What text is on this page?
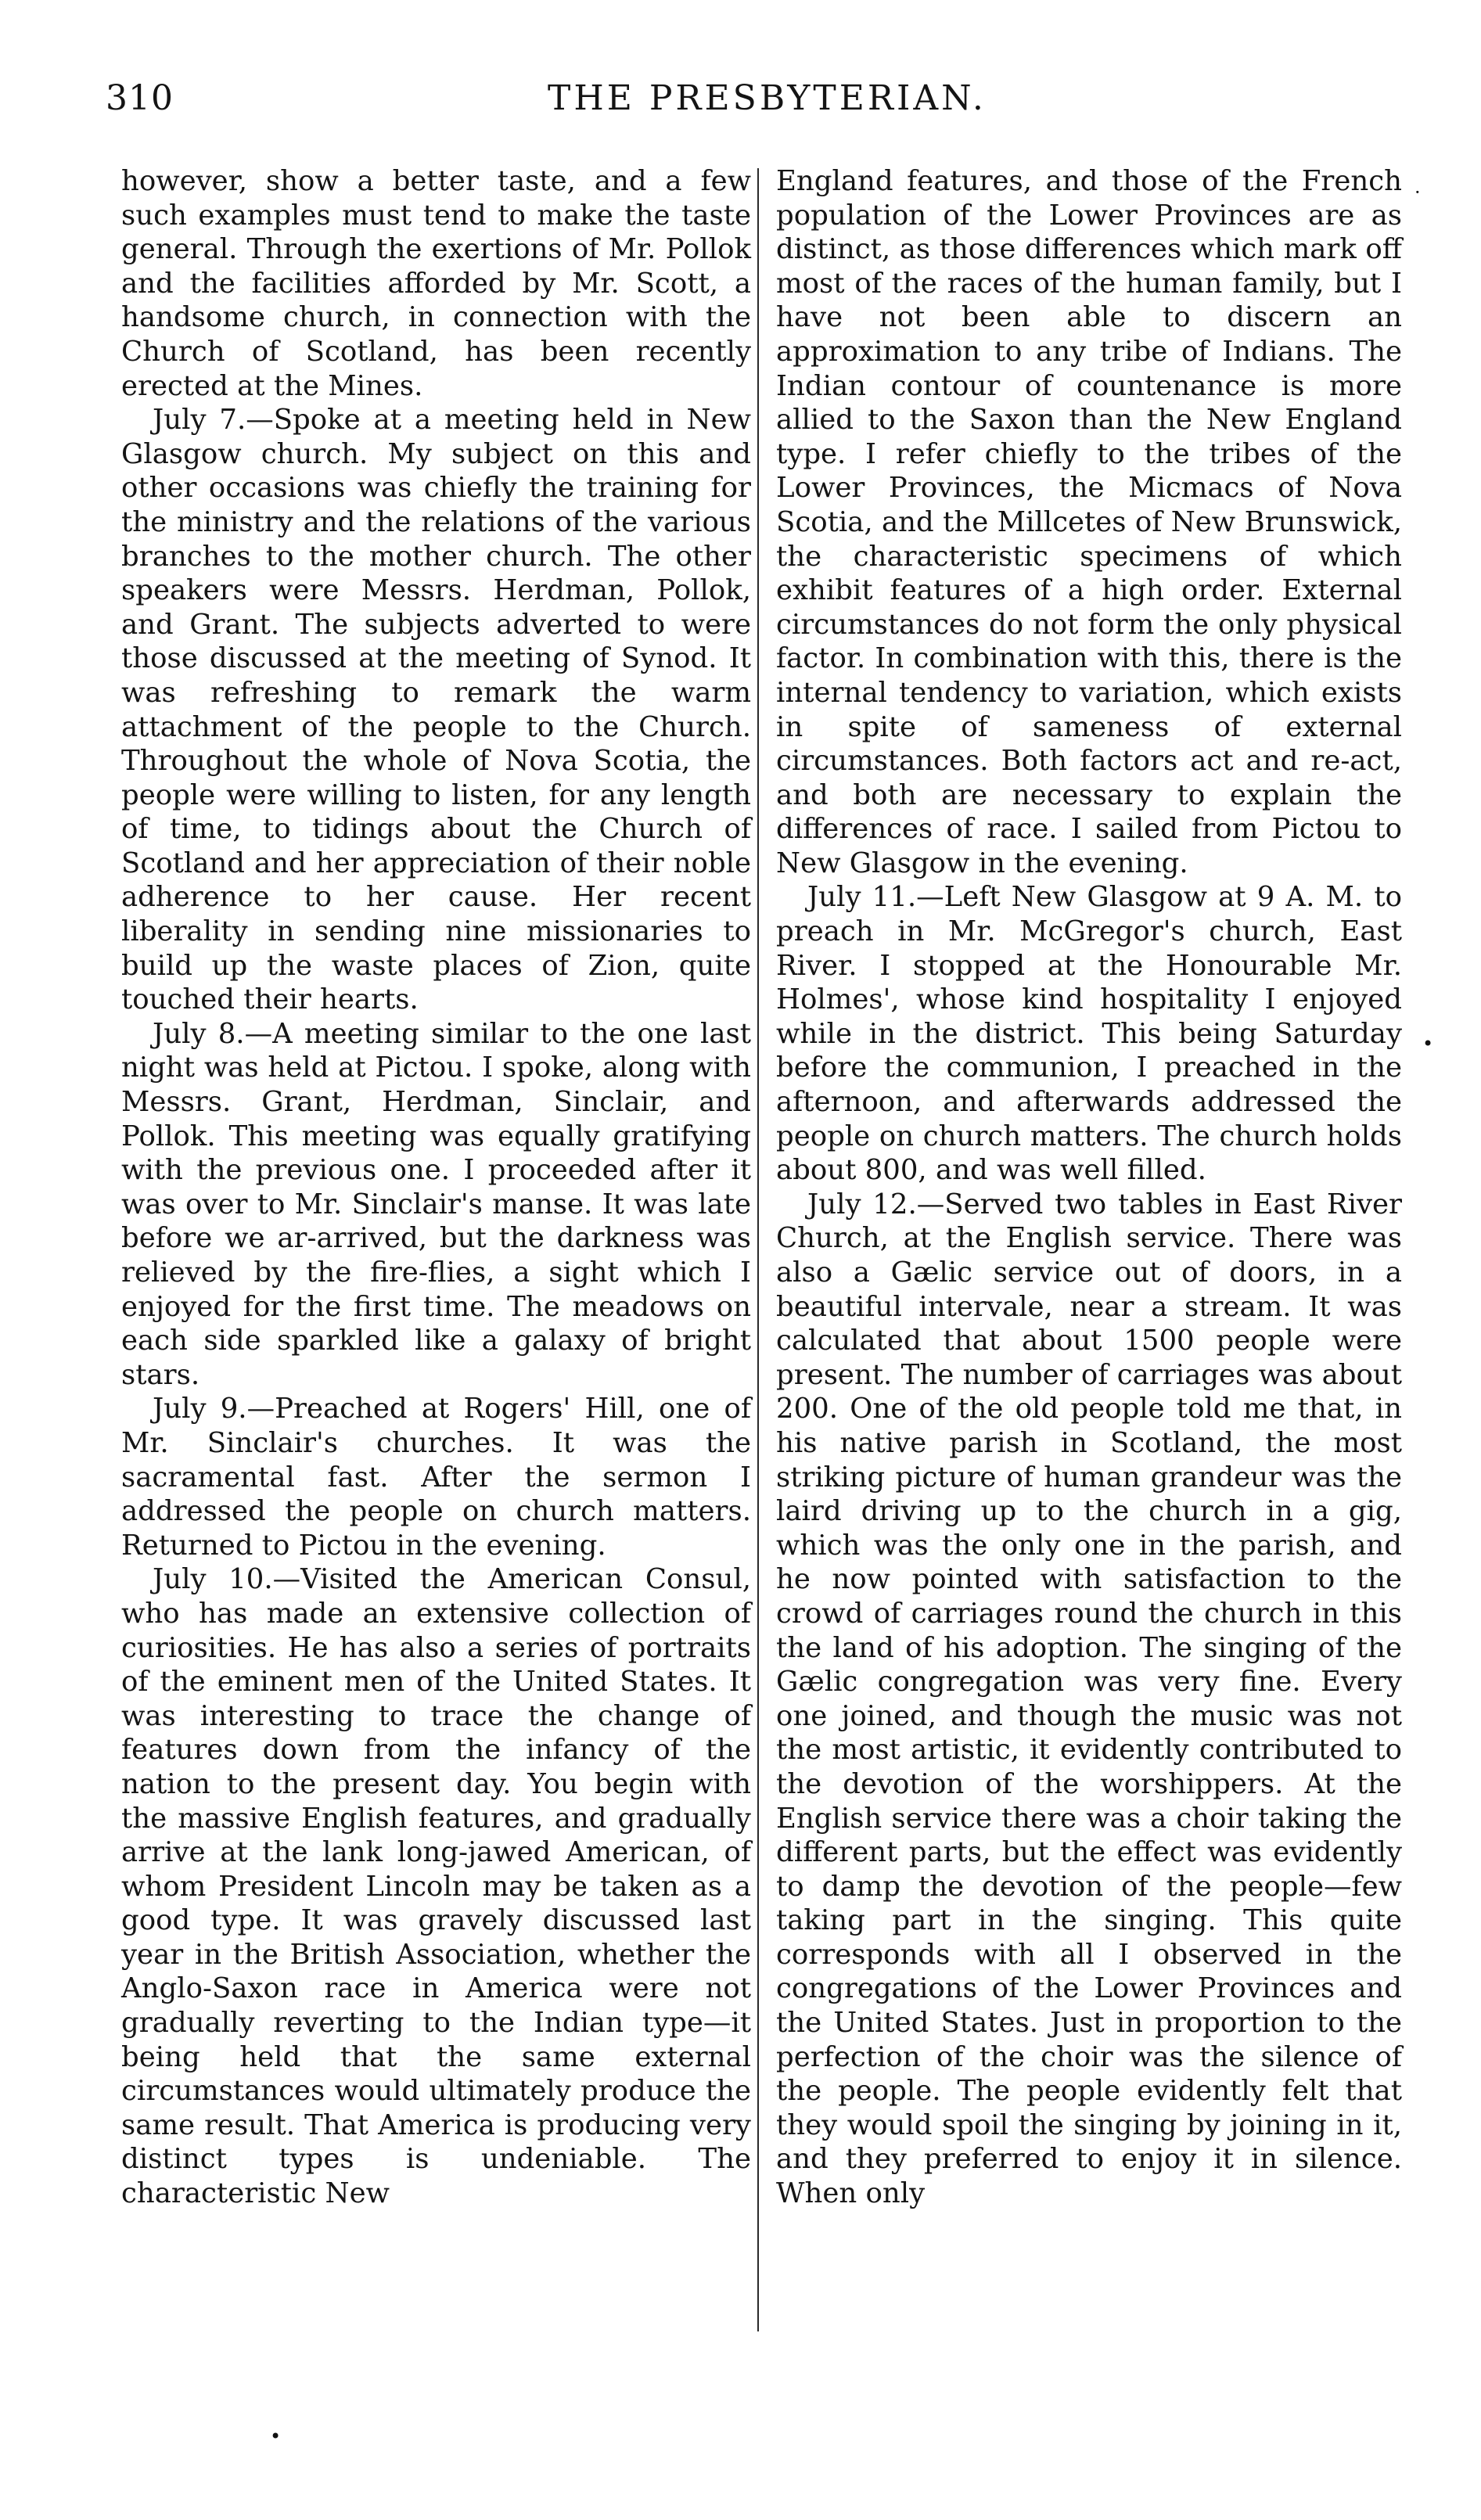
310	THE PRESBYTERIAN.

however, show a better taste, and a few such examples must tend to make the taste general. Through the exertions of Mr. Pollok and the facilities afforded by Mr. Scott, a handsome church, in connection with the Church of Scotland, has been recently erected at the Mines.

July 7.—Spoke at a meeting held in New Glasgow church. My subject on this and other occasions was chiefly the training for the ministry and the relations of the various branches to the mother church. The other speakers were Messrs. Herdman, Pollok, and Grant. The subjects adverted to were those discussed at the meeting of Synod. It was refreshing to remark the warm attachment of the people to the Church. Throughout the whole of Nova Scotia, the people were willing to listen, for any length of time, to tidings about the Church of Scotland and her appreciation of their noble adherence to her cause. Her recent liberality in sending nine missionaries to build up the waste places of Zion, quite touched their hearts.

July 8.—A meeting similar to the one last night was held at Pictou. I spoke, along with Messrs. Grant, Herdman, Sinclair, and Pollok. This meeting was equally gratifying with the previous one. I proceeded after it was over to Mr. Sinclair's manse. It was late before we ar-arrived, but the darkness was relieved by the fire-flies, a sight which I enjoyed for the first time. The meadows on each side sparkled like a galaxy of bright stars.

July 9.—Preached at Rogers' Hill, one of Mr. Sinclair's churches. It was the sacramental fast. After the sermon I addressed the people on church matters. Returned to Pictou in the evening.

July 10.—Visited the American Consul, who has made an extensive collection of curiosities. He has also a series of portraits of the eminent men of the United States. It was interesting to trace the change of features down from the infancy of the nation to the present day. You begin with the massive English features, and gradually arrive at the lank long-jawed American, of whom President Lincoln may be taken as a good type. It was gravely discussed last year in the British Association, whether the Anglo-Saxon race in America were not gradually reverting to the Indian type—it being held that the same external circumstances would ultimately produce the same result. That America is producing very distinct types is undeniable. The characteristic New

England features, and those of the French population of the Lower Provinces are as distinct, as those differences which mark off most of the races of the human family, but I have not been able to discern an approximation to any tribe of Indians. The Indian contour of countenance is more allied to the Saxon than the New England type. I refer chiefly to the tribes of the Lower Provinces, the Micmacs of Nova Scotia, and the Millcetes of New Brunswick, the characteristic specimens of which exhibit features of a high order. External circumstances do not form the only physical factor. In combination with this, there is the internal tendency to variation, which exists in spite of sameness of external circumstances. Both factors act and re-act, and both are necessary to explain the differences of race. I sailed from Pictou to New Glasgow in the evening.

July 11.—Left New Glasgow at 9 A. M. to preach in Mr. McGregor's church, East River. I stopped at the Honourable Mr. Holmes', whose kind hospitality I enjoyed while in the district. This being Saturday before the communion, I preached in the afternoon, and afterwards addressed the people on church matters. The church holds about 800, and was well filled.

July 12.—Served two tables in East River Church, at the English service. There was also a Gælic service out of doors, in a beautiful intervale, near a stream. It was calculated that about 1500 people were present. The number of carriages was about 200. One of the old people told me that, in his native parish in Scotland, the most striking picture of human grandeur was the laird driving up to the church in a gig, which was the only one in the parish, and he now pointed with satisfaction to the crowd of carriages round the church in this the land of his adoption. The singing of the Gælic congregation was very fine. Every one joined, and though the music was not the most artistic, it evidently contributed to the devotion of the worshippers. At the English service there was a choir taking the different parts, but the effect was evidently to damp the devotion of the people—few taking part in the singing. This quite corresponds with all I observed in the congregations of the Lower Provinces and the United States. Just in proportion to the perfection of the choir was the silence of the people. The people evidently felt that they would spoil the singing by joining in it, and they preferred to enjoy it in silence. When only

·
•
•
